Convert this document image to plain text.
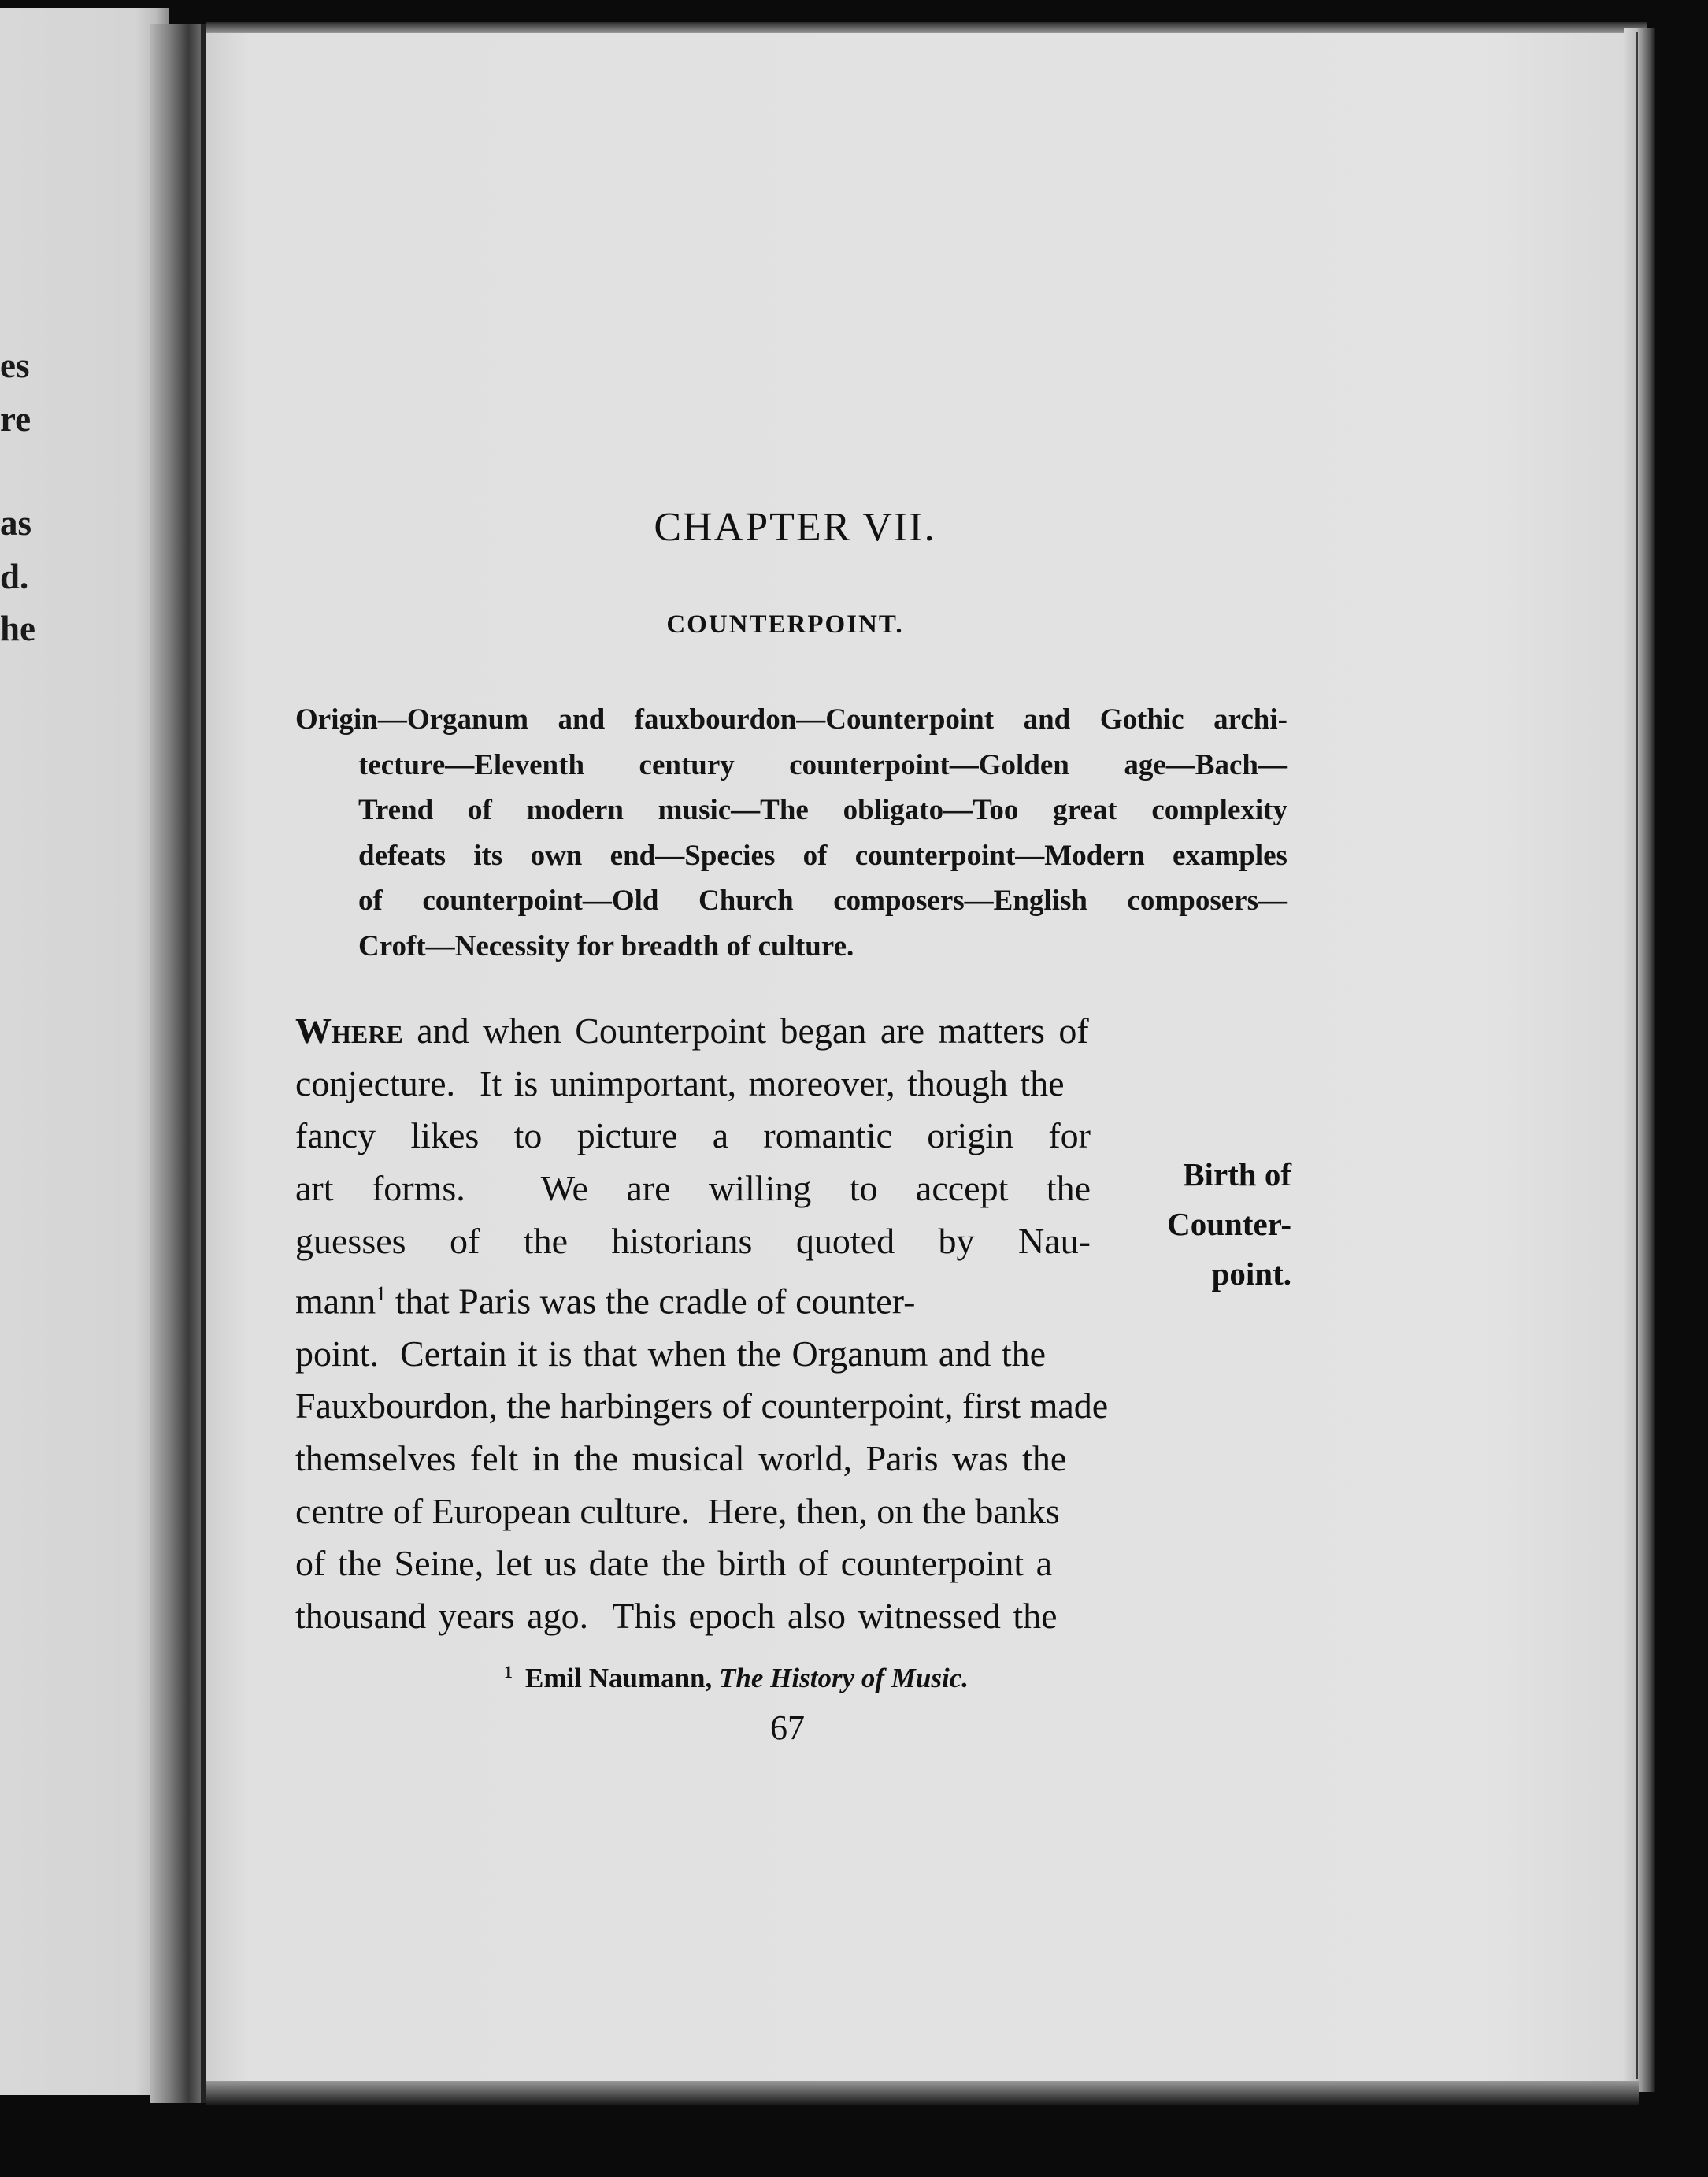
es
re
as
d.
he
CHAPTER VII.
COUNTERPOINT.
Origin—Organum and fauxbourdon—Counterpoint and Gothic archi-
tecture—Eleventh century counterpoint—Golden age—Bach—
Trend of modern music—The obligato—Too great complexity
defeats its own end—Species of counterpoint—Modern examples
of counterpoint—Old Church composers—English composers—
Croft—Necessity for breadth of culture.
Where and when Counterpoint began are matters of
conjecture.  It is unimportant, moreover, though the
fancy likes to picture a romantic origin for
art forms.  We are willing to accept the
guesses of the historians quoted by Nau-
mann$^1$ that Paris was the cradle of counter-
point.  Certain it is that when the Organum and the
Fauxbourdon, the harbingers of counterpoint, first made
themselves felt in the musical world, Paris was the
centre of European culture.  Here, then, on the banks
of the Seine, let us date the birth of counterpoint a
thousand years ago.  This epoch also witnessed the
Birth of
Counter-
point.
$^1$ Emil Naumann, The History of Music.
67
